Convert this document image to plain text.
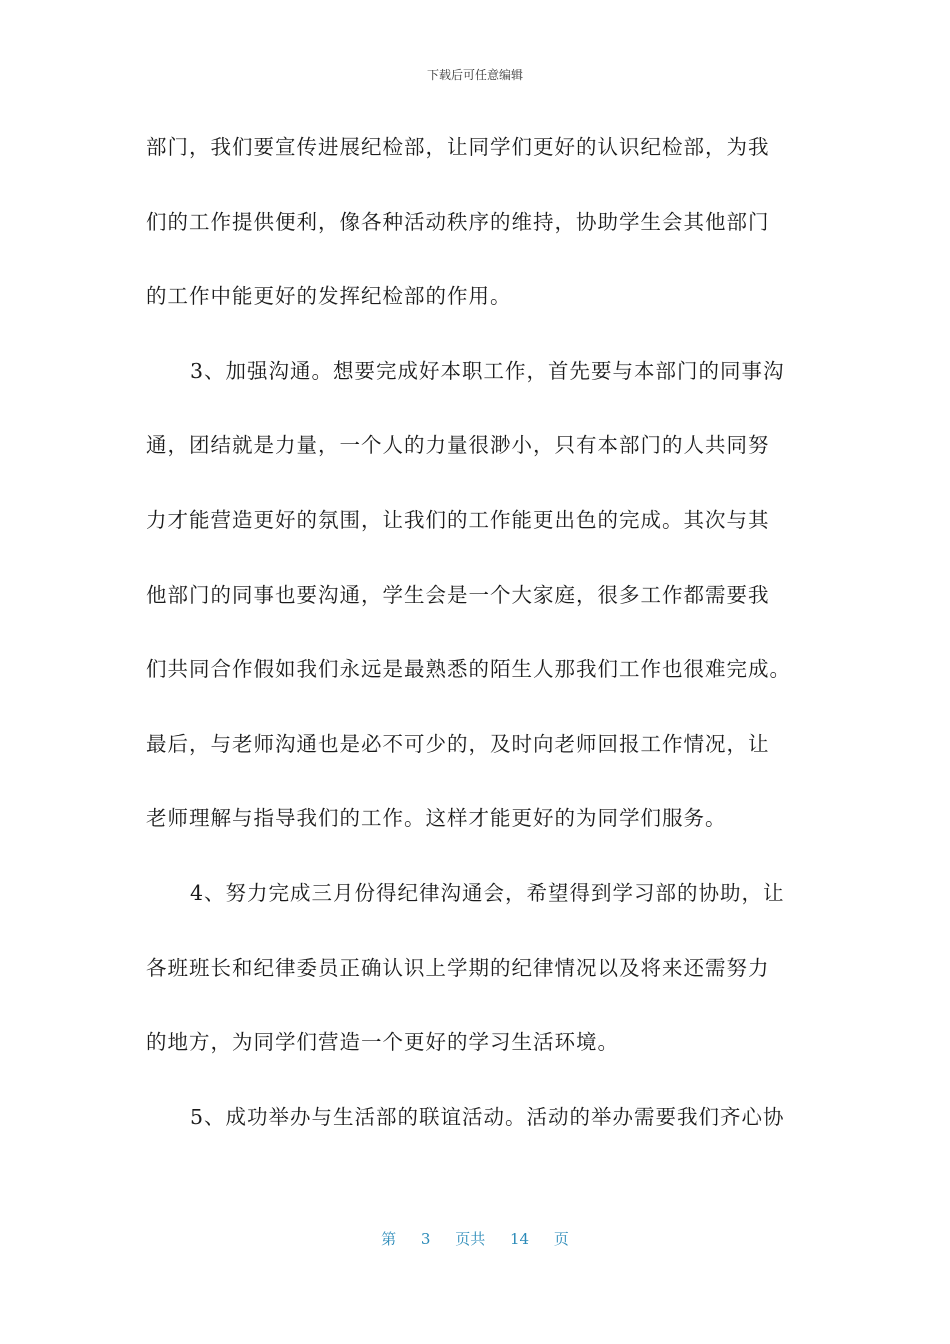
下载后可任意编辑
部门，我们要宣传进展纪检部，让同学们更好的认识纪检部，为我
们的工作提供便利，像各种活动秩序的维持，协助学生会其他部门
的工作中能更好的发挥纪检部的作用。
3、加强沟通。想要完成好本职工作，首先要与本部门的同事沟
通，团结就是力量，一个人的力量很渺小，只有本部门的人共同努
力才能营造更好的氛围，让我们的工作能更出色的完成。其次与其
他部门的同事也要沟通，学生会是一个大家庭，很多工作都需要我
们共同合作假如我们永远是最熟悉的陌生人那我们工作也很难完成。
最后，与老师沟通也是必不可少的，及时向老师回报工作情况，让
老师理解与指导我们的工作。这样才能更好的为同学们服务。
4、努力完成三月份得纪律沟通会，希望得到学习部的协助，让
各班班长和纪律委员正确认识上学期的纪律情况以及将来还需努力
的地方，为同学们营造一个更好的学习生活环境。
5、成功举办与生活部的联谊活动。活动的举办需要我们齐心协
第 3 页共 14 页
